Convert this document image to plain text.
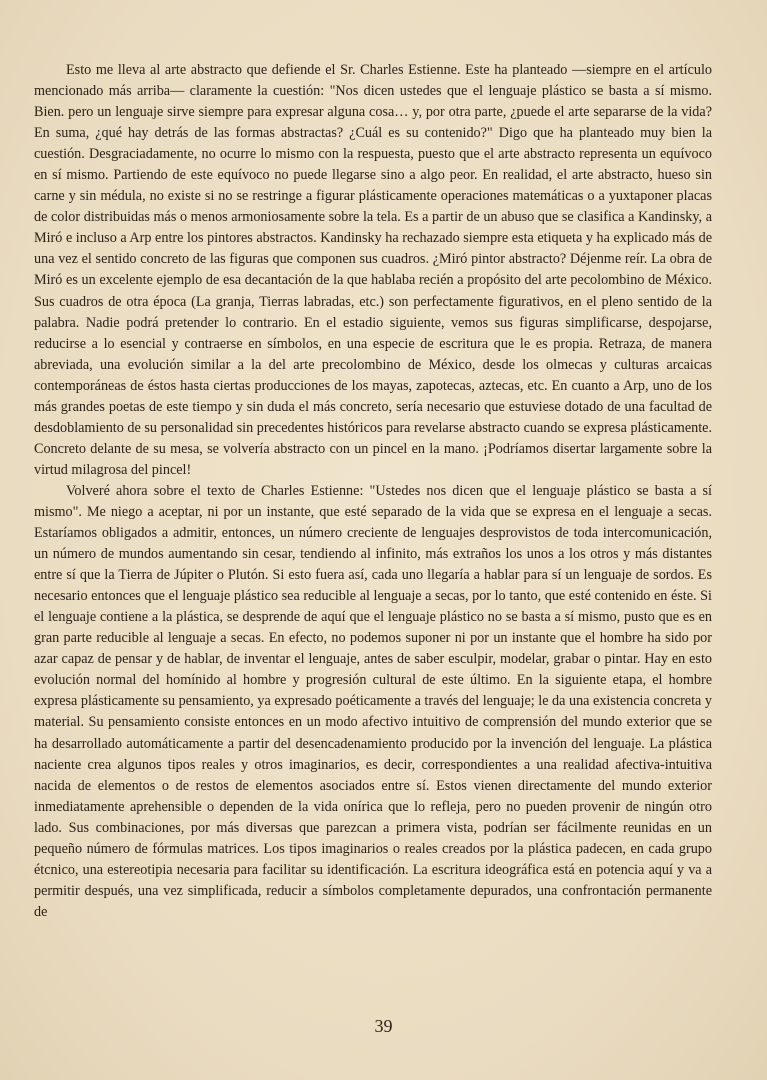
Esto me lleva al arte abstracto que defiende el Sr. Charles Estienne. Este ha planteado —siempre en el artículo mencionado más arriba— claramente la cuestión: "Nos dicen ustedes que el lenguaje plástico se basta a sí mismo. Bien. pero un lenguaje sirve siempre para expresar alguna cosa… y, por otra parte, ¿puede el arte separarse de la vida? En suma, ¿qué hay detrás de las formas abstractas? ¿Cuál es su contenido?" Digo que ha planteado muy bien la cuestión. Desgraciadamente, no ocurre lo mismo con la respuesta, puesto que el arte abstracto representa un equívoco en sí mismo. Partiendo de este equívoco no puede llegarse sino a algo peor. En realidad, el arte abstracto, hueso sin carne y sin médula, no existe si no se restringe a figurar plásticamente operaciones matemáticas o a yuxtaponer placas de color distribuidas más o menos armoniosamente sobre la tela. Es a partir de un abuso que se clasifica a Kandinsky, a Miró e incluso a Arp entre los pintores abstractos. Kandinsky ha rechazado siempre esta etiqueta y ha explicado más de una vez el sentido concreto de las figuras que componen sus cuadros. ¿Miró pintor abstracto? Déjenme reír. La obra de Miró es un excelente ejemplo de esa decantación de la que hablaba recién a propósito del arte pecolombino de México. Sus cuadros de otra época (La granja, Tierras labradas, etc.) son perfectamente figurativos, en el pleno sentido de la palabra. Nadie podrá pretender lo contrario. En el estadio siguiente, vemos sus figuras simplificarse, despojarse, reducirse a lo esencial y contraerse en símbolos, en una especie de escritura que le es propia. Retraza, de manera abreviada, una evolución similar a la del arte precolombino de México, desde los olmecas y culturas arcaicas contemporáneas de éstos hasta ciertas producciones de los mayas, zapotecas, aztecas, etc. En cuanto a Arp, uno de los más grandes poetas de este tiempo y sin duda el más concreto, sería necesario que estuviese dotado de una facultad de desdoblamiento de su personalidad sin precedentes históricos para revelarse abstracto cuando se expresa plásticamente. Concreto delante de su mesa, se volvería abstracto con un pincel en la mano. ¡Podríamos disertar largamente sobre la virtud milagrosa del pincel!

Volveré ahora sobre el texto de Charles Estienne: "Ustedes nos dicen que el lenguaje plástico se basta a sí mismo". Me niego a aceptar, ni por un instante, que esté separado de la vida que se expresa en el lenguaje a secas. Estaríamos obligados a admitir, entonces, un número creciente de lenguajes desprovistos de toda intercomunicación, un número de mundos aumentando sin cesar, tendiendo al infinito, más extraños los unos a los otros y más distantes entre sí que la Tierra de Júpiter o Plutón. Si esto fuera así, cada uno llegaría a hablar para sí un lenguaje de sordos. Es necesario entonces que el lenguaje plástico sea reducible al lenguaje a secas, por lo tanto, que esté contenido en éste. Si el lenguaje contiene a la plástica, se desprende de aquí que el lenguaje plástico no se basta a sí mismo, pusto que es en gran parte reducible al lenguaje a secas. En efecto, no podemos suponer ni por un instante que el hombre ha sido por azar capaz de pensar y de hablar, de inventar el lenguaje, antes de saber esculpir, modelar, grabar o pintar. Hay en esto evolución normal del homínido al hombre y progresión cultural de este último. En la siguiente etapa, el hombre expresa plásticamente su pensamiento, ya expresado poéticamente a través del lenguaje; le da una existencia concreta y material. Su pensamiento consiste entonces en un modo afectivo intuitivo de comprensión del mundo exterior que se ha desarrollado automáticamente a partir del desencadenamiento producido por la invención del lenguaje. La plástica naciente crea algunos tipos reales y otros imaginarios, es decir, correspondientes a una realidad afectiva-intuitiva nacida de elementos o de restos de elementos asociados entre sí. Estos vienen directamente del mundo exterior inmediatamente aprehensible o dependen de la vida onírica que lo refleja, pero no pueden provenir de ningún otro lado. Sus combinaciones, por más diversas que parezcan a primera vista, podrían ser fácilmente reunidas en un pequeño número de fórmulas matrices. Los tipos imaginarios o reales creados por la plástica padecen, en cada grupo étcnico, una estereotipia necesaria para facilitar su identificación. La escritura ideográfica está en potencia aquí y va a permitir después, una vez simplificada, reducir a símbolos completamente depurados, una confrontación permanente de

39
